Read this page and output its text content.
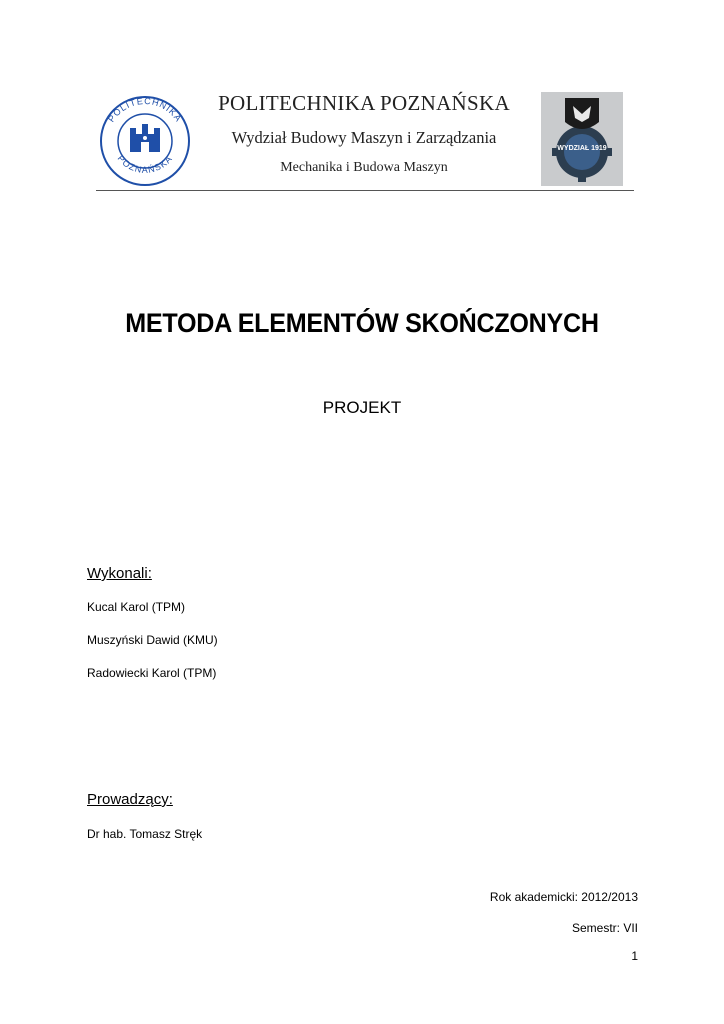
POLITECHNIKA
POZNAŃSKA
POLITECHNIKA POZNAŃSKA
Wydział Budowy Maszyn i Zarządzania
Mechanika i Budowa Maszyn
WYDZIAŁ 1919
METODA ELEMENTÓW SKOŃCZONYCH
PROJEKT
Wykonali:
Kucal Karol (TPM)
Muszyński Dawid (KMU)
Radowiecki Karol (TPM)
Prowadzący:
Dr hab. Tomasz Stręk
Rok akademicki: 2012/2013
Semestr: VII
1
